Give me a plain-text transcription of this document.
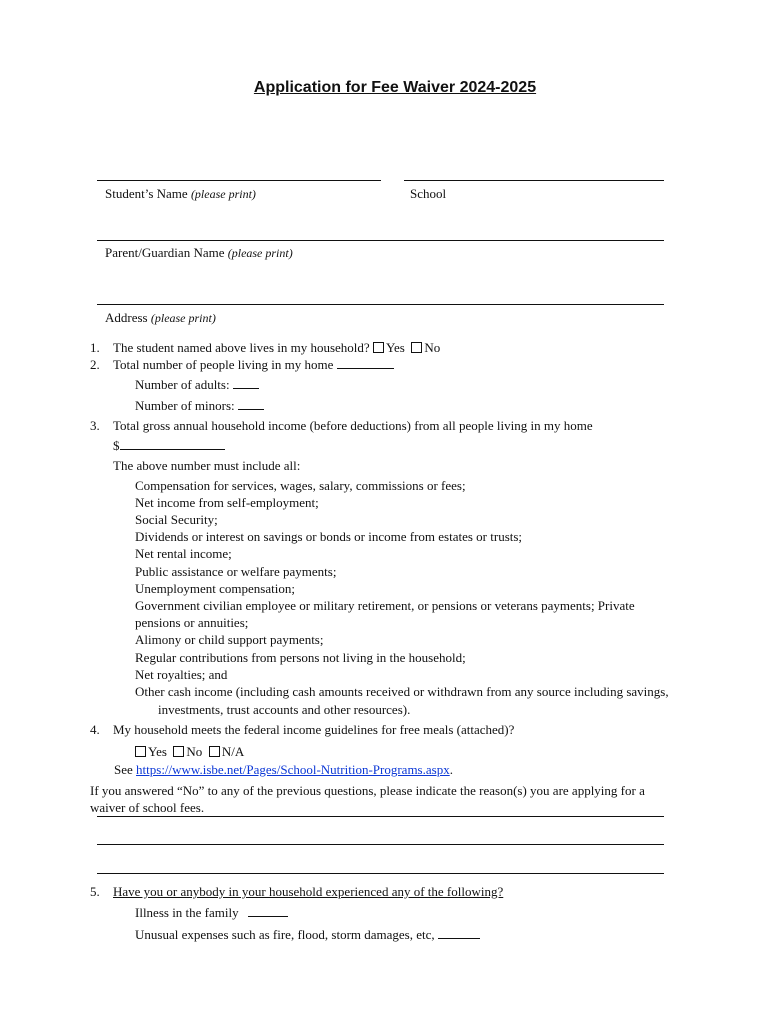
Application for Fee Waiver 2024-2025
Student’s Name (please print)	School
Parent/Guardian Name (please print)
Address (please print)
1. The student named above lives in my household? Yes No
2. Total number of people living in my home
Number of adults:
Number of minors:
3. Total gross annual household income (before deductions) from all people living in my home
$
The above number must include all:
Compensation for services, wages, salary, commissions or fees;
Net income from self-employment;
Social Security;
Dividends or interest on savings or bonds or income from estates or trusts;
Net rental income;
Public assistance or welfare payments;
Unemployment compensation;
Government civilian employee or military retirement, or pensions or veterans payments; Private
pensions or annuities;
Alimony or child support payments;
Regular contributions from persons not living in the household;
Net royalties; and
Other cash income (including cash amounts received or withdrawn from any source including savings,
investments, trust accounts and other resources).
4. My household meets the federal income guidelines for free meals (attached)?
Yes No N/A
See https://www.isbe.net/Pages/School-Nutrition-Programs.aspx.
If you answered “No” to any of the previous questions, please indicate the reason(s) you are applying for a
waiver of school fees.
5. Have you or anybody in your household experienced any of the following?
Illness in the family
Unusual expenses such as fire, flood, storm damages, etc,
